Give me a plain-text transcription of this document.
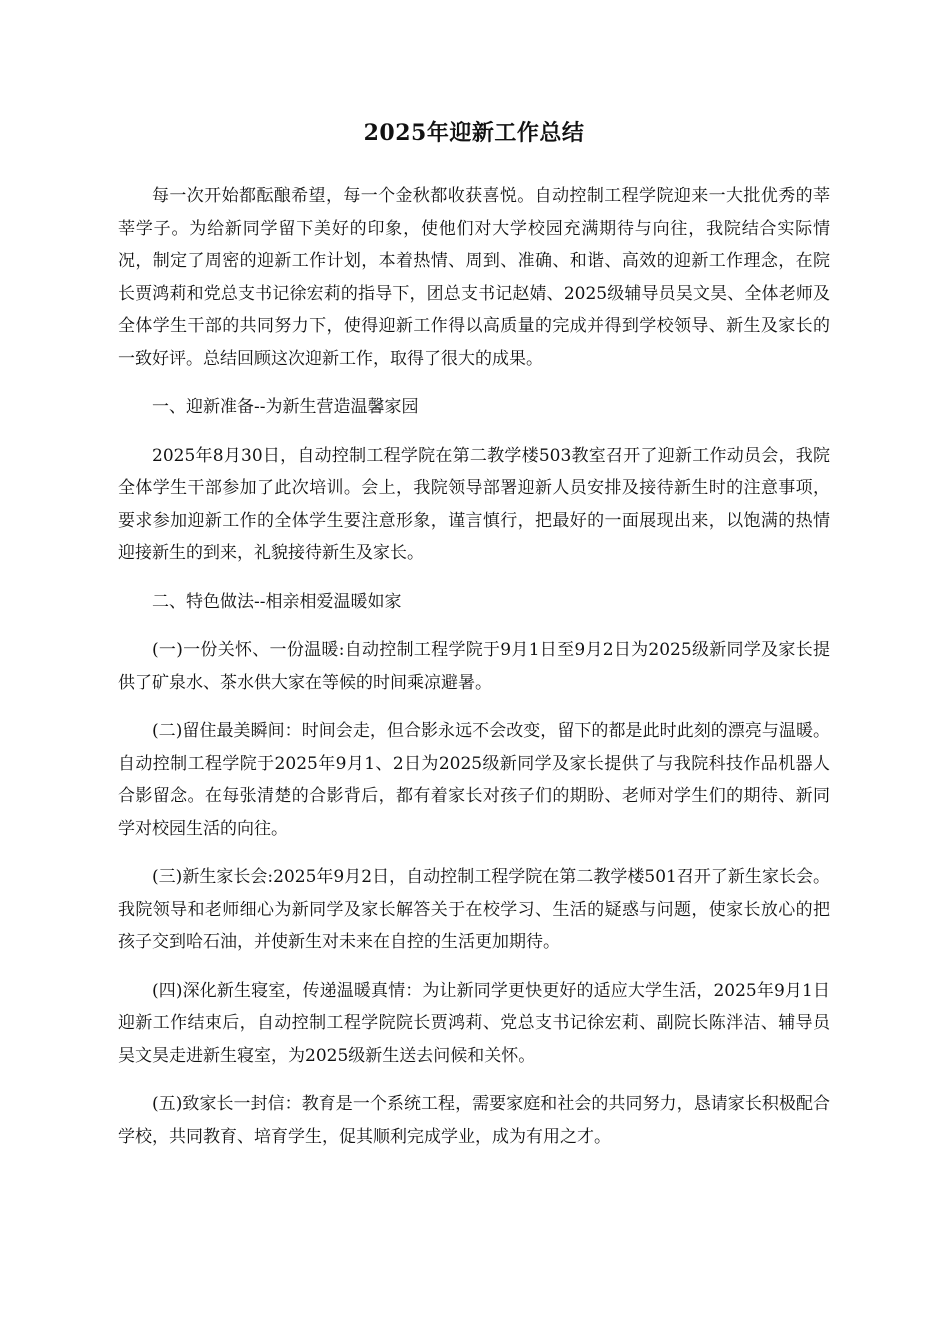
2025年迎新工作总结

每一次开始都酝酿希望，每一个金秋都收获喜悦。自动控制工程学院迎来一大批优秀的莘莘学子。为给新同学留下美好的印象，使他们对大学校园充满期待与向往，我院结合实际情况，制定了周密的迎新工作计划，本着热情、周到、准确、和谐、高效的迎新工作理念，在院长贾鸿莉和党总支书记徐宏莉的指导下，团总支书记赵婧、2025级辅导员吴文昊、全体老师及全体学生干部的共同努力下，使得迎新工作得以高质量的完成并得到学校领导、新生及家长的一致好评。总结回顾这次迎新工作，取得了很大的成果。

一、迎新准备--为新生营造温馨家园

2025年8月30日，自动控制工程学院在第二教学楼503教室召开了迎新工作动员会，我院全体学生干部参加了此次培训。会上，我院领导部署迎新人员安排及接待新生时的注意事项，要求参加迎新工作的全体学生要注意形象，谨言慎行，把最好的一面展现出来，以饱满的热情迎接新生的到来，礼貌接待新生及家长。

二、特色做法--相亲相爱温暖如家

(一)一份关怀、一份温暖:自动控制工程学院于9月1日至9月2日为2025级新同学及家长提供了矿泉水、茶水供大家在等候的时间乘凉避暑。

(二)留住最美瞬间：时间会走，但合影永远不会改变，留下的都是此时此刻的漂亮与温暖。自动控制工程学院于2025年9月1、2日为2025级新同学及家长提供了与我院科技作品机器人合影留念。在每张清楚的合影背后，都有着家长对孩子们的期盼、老师对学生们的期待、新同学对校园生活的向往。

(三)新生家长会:2025年9月2日，自动控制工程学院在第二教学楼501召开了新生家长会。我院领导和老师细心为新同学及家长解答关于在校学习、生活的疑惑与问题，使家长放心的把孩子交到哈石油，并使新生对未来在自控的生活更加期待。

(四)深化新生寝室，传递温暖真情：为让新同学更快更好的适应大学生活，2025年9月1日迎新工作结束后，自动控制工程学院院长贾鸿莉、党总支书记徐宏莉、副院长陈泮洁、辅导员吴文昊走进新生寝室，为2025级新生送去问候和关怀。

(五)致家长一封信：教育是一个系统工程，需要家庭和社会的共同努力，恳请家长积极配合学校，共同教育、培育学生，促其顺利完成学业，成为有用之才。
